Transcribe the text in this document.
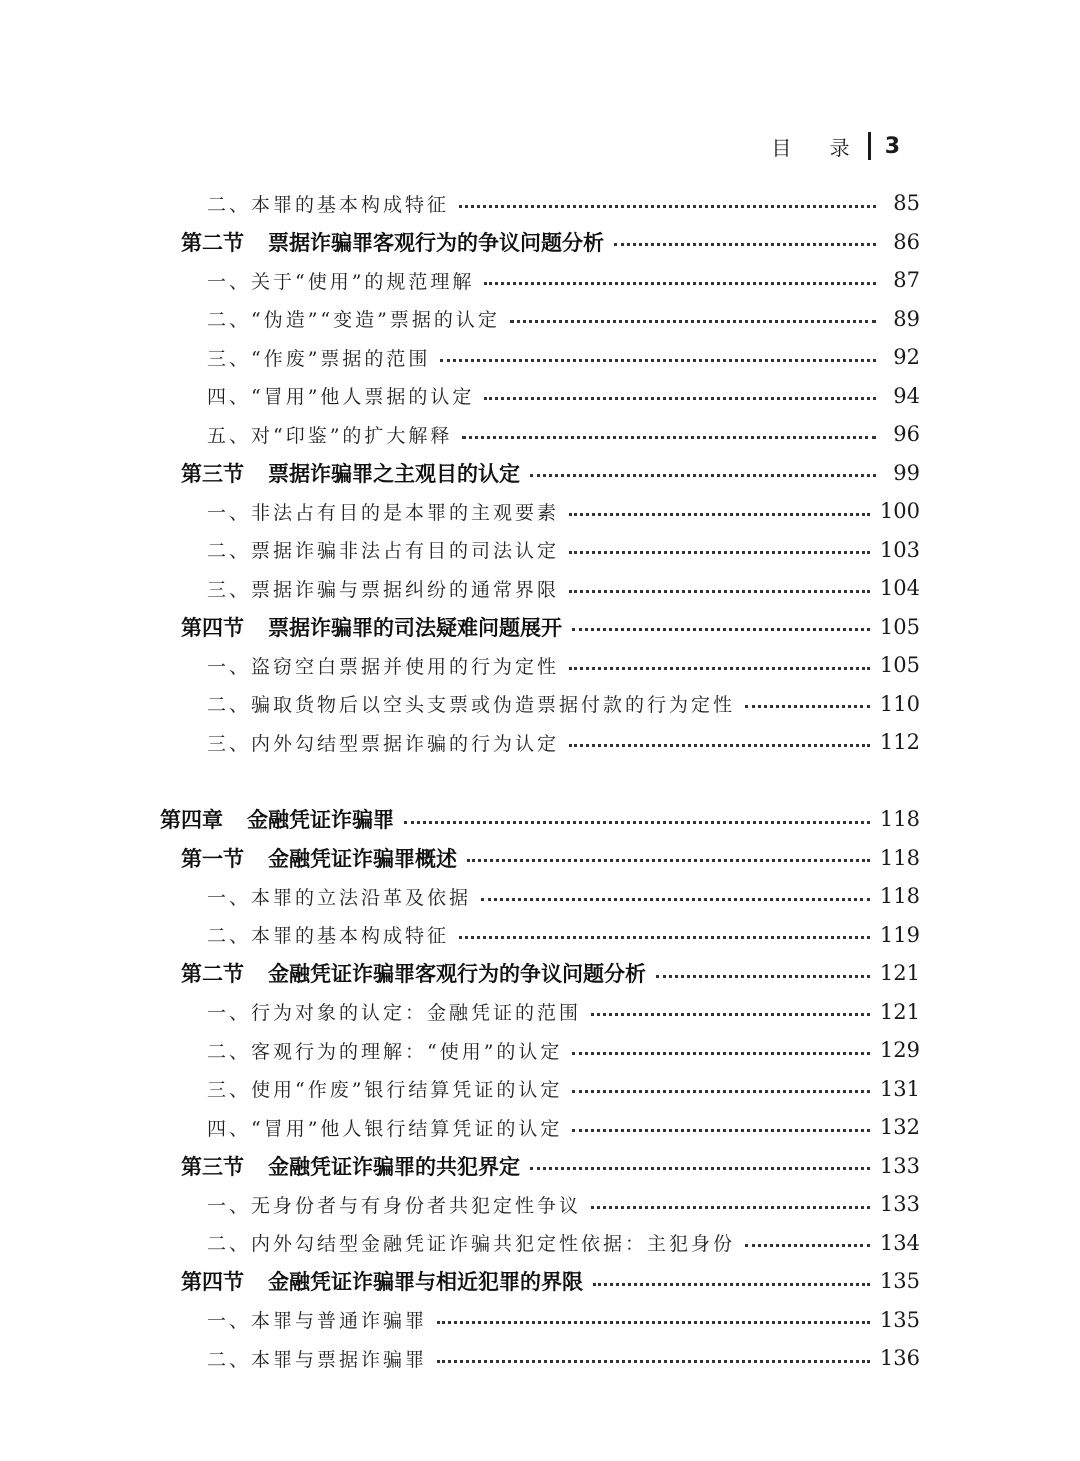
目 录 3
二、本罪的基本构成特征	85
第二节 票据诈骗罪客观行为的争议问题分析	86
一、关于“使用”的规范理解	87
二、“伪造”“变造”票据的认定	89
三、“作废”票据的范围	92
四、“冒用”他人票据的认定	94
五、对“印鉴”的扩大解释	96
第三节 票据诈骗罪之主观目的认定	99
一、非法占有目的是本罪的主观要素	100
二、票据诈骗非法占有目的司法认定	103
三、票据诈骗与票据纠纷的通常界限	104
第四节 票据诈骗罪的司法疑难问题展开	105
一、盗窃空白票据并使用的行为定性	105
二、骗取货物后以空头支票或伪造票据付款的行为定性	110
三、内外勾结型票据诈骗的行为认定	112
第四章 金融凭证诈骗罪	118
第一节 金融凭证诈骗罪概述	118
一、本罪的立法沿革及依据	118
二、本罪的基本构成特征	119
第二节 金融凭证诈骗罪客观行为的争议问题分析	121
一、行为对象的认定：金融凭证的范围	121
二、客观行为的理解：“使用”的认定	129
三、使用“作废”银行结算凭证的认定	131
四、“冒用”他人银行结算凭证的认定	132
第三节 金融凭证诈骗罪的共犯界定	133
一、无身份者与有身份者共犯定性争议	133
二、内外勾结型金融凭证诈骗共犯定性依据：主犯身份	134
第四节 金融凭证诈骗罪与相近犯罪的界限	135
一、本罪与普通诈骗罪	135
二、本罪与票据诈骗罪	136
